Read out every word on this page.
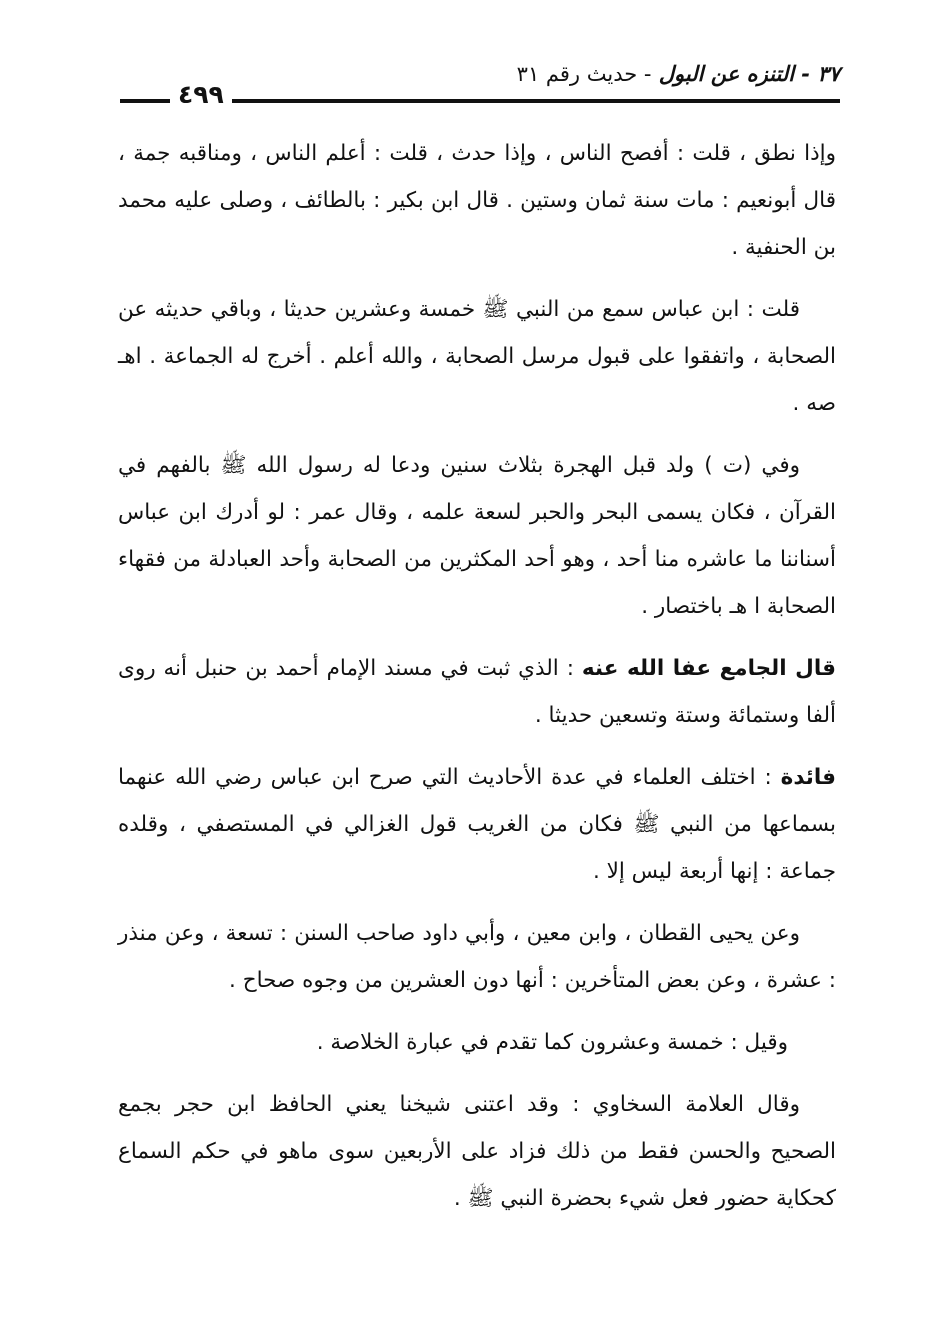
٣٧ - التنزه عن البول - حديث رقم ٣١
٤٩٩

وإذا نطق ، قلت : أفصح الناس ، وإذا حدث ، قلت : أعلم الناس ، ومناقبه جمة ، قال أبونعيم : مات سنة ثمان وستين . قال ابن بكير : بالطائف ، وصلى عليه محمد بن الحنفية .

قلت : ابن عباس سمع من النبي ﷺ خمسة وعشرين حديثا ، وباقي حديثه عن الصحابة ، واتفقوا على قبول مرسل الصحابة ، والله أعلم . أخرج له الجماعة . اهـ صه .

وفي (ت ) ولد قبل الهجرة بثلاث سنين ودعا له رسول الله ﷺ بالفهم في القرآن ، فكان يسمى البحر والحبر لسعة علمه ، وقال عمر : لو أدرك ابن عباس أسناننا ما عاشره منا أحد ، وهو أحد المكثرين من الصحابة وأحد العبادلة من فقهاء الصحابة ا هـ باختصار .

قال الجامع عفا الله عنه : الذي ثبت في مسند الإمام أحمد بن حنبل أنه روى ألفا وستمائة وستة وتسعين حديثا .

فائدة : اختلف العلماء في عدة الأحاديث التي صرح ابن عباس رضي الله عنهما بسماعها من النبي ﷺ فكان من الغريب قول الغزالي في المستصفي ، وقلده جماعة : إنها أربعة ليس إلا .

وعن يحيى القطان ، وابن معين ، وأبي داود صاحب السنن : تسعة ، وعن منذر : عشرة ، وعن بعض المتأخرين : أنها دون العشرين من وجوه صحاح .

وقيل : خمسة وعشرون كما تقدم في عبارة الخلاصة .

وقال العلامة السخاوي : وقد اعتنى شيخنا يعني الحافظ ابن حجر بجمع الصحيح والحسن فقط من ذلك فزاد على الأربعين سوى ماهو في حكم السماع كحكاية حضور فعل شيء بحضرة النبي ﷺ .
